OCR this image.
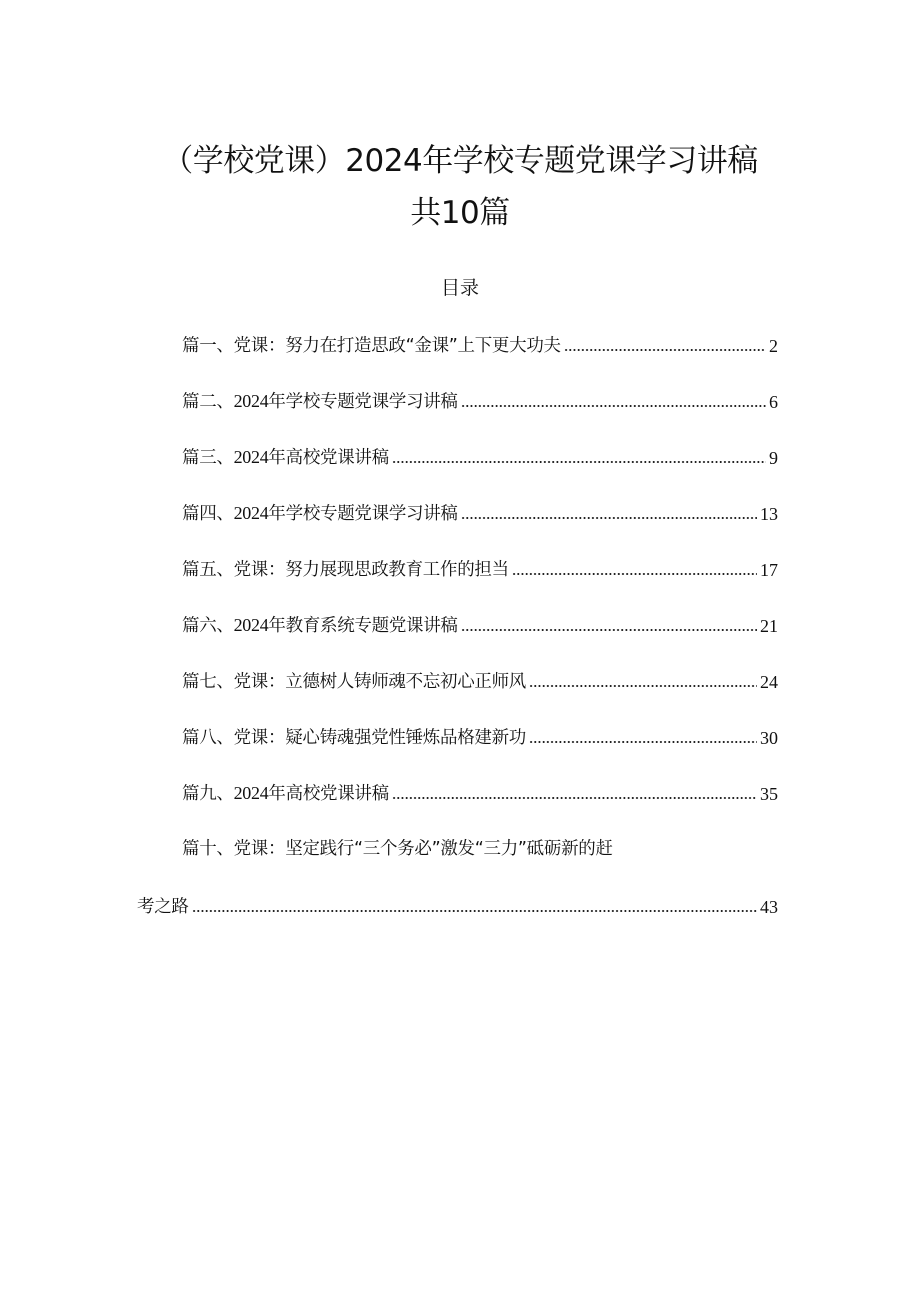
（学校党课）2024年学校专题党课学习讲稿
共10篇
目录
篇一、党课：努力在打造思政“金课”上下更大功夫	2
篇二、2024年学校专题党课学习讲稿	6
篇三、2024年高校党课讲稿	9
篇四、2024年学校专题党课学习讲稿	13
篇五、党课：努力展现思政教育工作的担当	17
篇六、2024年教育系统专题党课讲稿	21
篇七、党课：立德树人铸师魂不忘初心正师风	24
篇八、党课：疑心铸魂强党性锤炼品格建新功	30
篇九、2024年高校党课讲稿	35
篇十、党课：坚定践行“三个务必”激发“三力”砥砺新的赶
考之路	43
